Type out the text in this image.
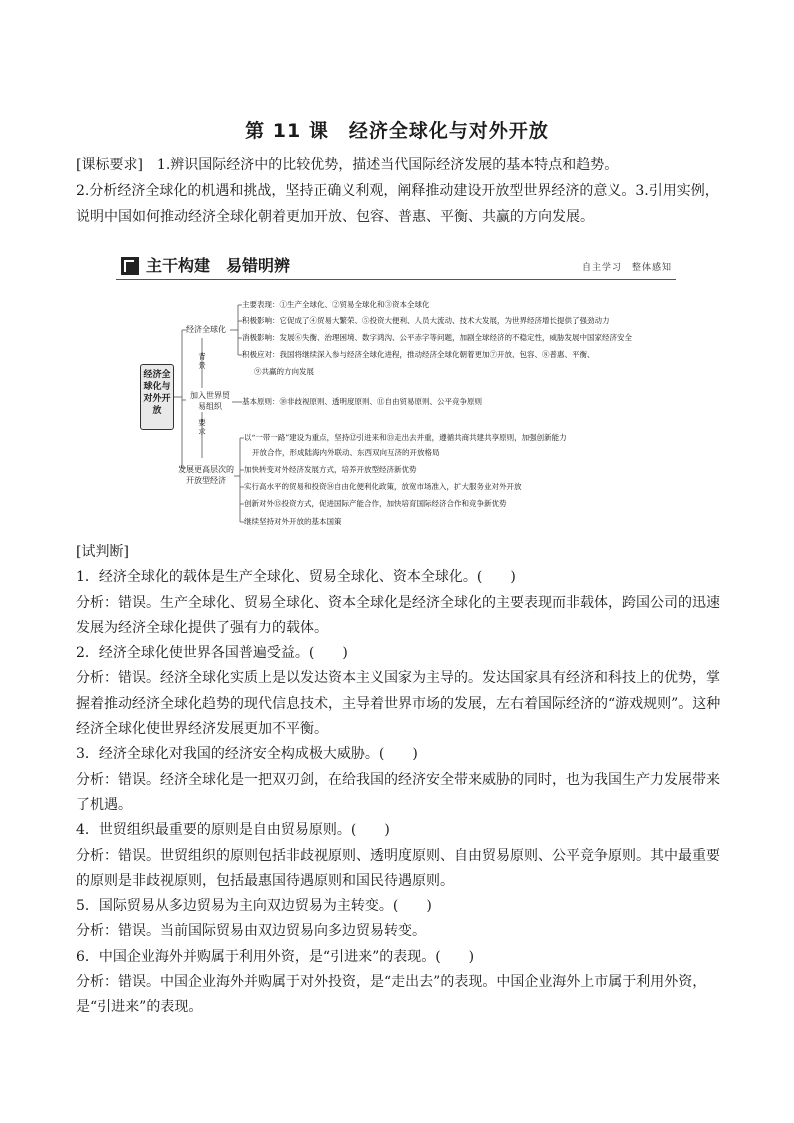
第 11 课　经济全球化与对外开放
[课标要求]　1.辨识国际经济中的比较优势，描述当代国际经济发展的基本特点和趋势。
2.分析经济全球化的机遇和挑战，坚持正确义利观，阐释推动建设开放型世界经济的意义。3.引用实例，说明中国如何推动经济全球化朝着更加开放、包容、普惠、平衡、共赢的方向发展。
主干构建　易错明辨	自主学习　整体感知
经济全球化与对外开放
经济全球化
背景
加入世界贸易组织
要求
发展更高层次的开放型经济
主要表现：①生产全球化、②贸易全球化和③资本全球化
积极影响：它促成了④贸易大繁荣、⑤投资大便利、人员大流动、技术大发展，为世界经济增长提供了强劲动力
消极影响：发展⑥失衡、治理困境、数字鸿沟、公平赤字等问题，加剧全球经济的不稳定性，威胁发展中国家经济安全
积极应对：我国将继续深入参与经济全球化进程，推动经济全球化朝着更加⑦开放、包容、⑧普惠、平衡、
⑨共赢的方向发展
基本原则：⑩非歧视原则、透明度原则、⑪自由贸易原则、公平竞争原则
以“一带一路”建设为重点，坚持⑫引进来和⑬走出去并重，遵循共商共建共享原则，加强创新能力
开放合作，形成陆海内外联动、东西双向互济的开放格局
加快转变对外经济发展方式，培养开放型经济新优势
实行高水平的贸易和投资⑭自由化便利化政策，放宽市场准入，扩大服务业对外开放
创新对外⑮投资方式，促进国际产能合作，加快培育国际经济合作和竞争新优势
继续坚持对外开放的基本国策

[试判断]

1．经济全球化的载体是生产全球化、贸易全球化、资本全球化。(　　)

分析：错误。生产全球化、贸易全球化、资本全球化是经济全球化的主要表现而非载体，跨国公司的迅速发展为经济全球化提供了强有力的载体。

2．经济全球化使世界各国普遍受益。(　　)

分析：错误。经济全球化实质上是以发达资本主义国家为主导的。发达国家具有经济和科技上的优势，掌握着推动经济全球化趋势的现代信息技术，主导着世界市场的发展，左右着国际经济的“游戏规则”。这种经济全球化使世界经济发展更加不平衡。

3．经济全球化对我国的经济安全构成极大威胁。(　　)

分析：错误。经济全球化是一把双刃剑，在给我国的经济安全带来威胁的同时，也为我国生产力发展带来了机遇。

4．世贸组织最重要的原则是自由贸易原则。(　　)

分析：错误。世贸组织的原则包括非歧视原则、透明度原则、自由贸易原则、公平竞争原则。其中最重要的原则是非歧视原则，包括最惠国待遇原则和国民待遇原则。

5．国际贸易从多边贸易为主向双边贸易为主转变。(　　)

分析：错误。当前国际贸易由双边贸易向多边贸易转变。

6．中国企业海外并购属于利用外资，是“引进来”的表现。(　　)

分析：错误。中国企业海外并购属于对外投资，是“走出去”的表现。中国企业海外上市属于利用外资，是“引进来”的表现。
